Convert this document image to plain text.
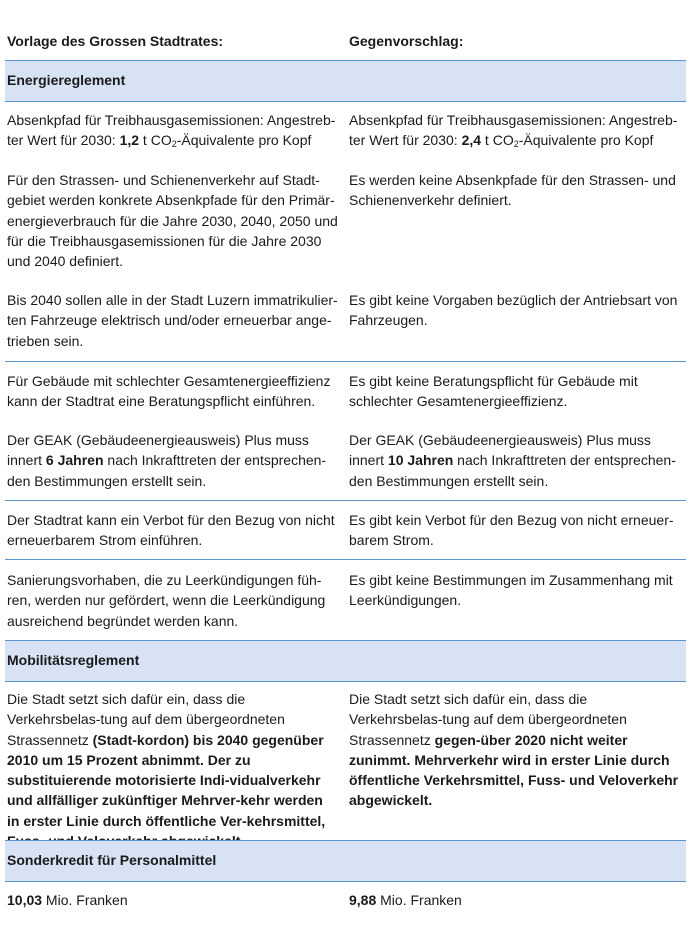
Vorlage des Grossen Stadtrates:	Gegenvorschlag:
Energiereglement
Absenkpfad für Treibhausgasemissionen: Angestreb-ter Wert für 2030: 1,2 t $CO_2$-Äquivalente pro Kopf
Absenkpfad für Treibhausgasemissionen: Angestreb-ter Wert für 2030: 2,4 t $CO_2$-Äquivalente pro Kopf
Für den Strassen- und Schienenverkehr auf Stadt-gebiet werden konkrete Absenkpfade für den Primär-energieverbrauch für die Jahre 2030, 2040, 2050 und für die Treibhausgasemissionen für die Jahre 2030 und 2040 definiert.
Es werden keine Absenkpfade für den Strassen- und Schienenverkehr definiert.
Bis 2040 sollen alle in der Stadt Luzern immatrikulier-ten Fahrzeuge elektrisch und/oder erneuerbar ange-trieben sein.
Es gibt keine Vorgaben bezüglich der Antriebsart von Fahrzeugen.
Für Gebäude mit schlechter Gesamtenergieeffizienz kann der Stadtrat eine Beratungspflicht einführen.
Es gibt keine Beratungspflicht für Gebäude mit schlechter Gesamtenergieeffizienz.
Der GEAK (Gebäudeenergieausweis) Plus muss innert 6 Jahren nach Inkrafttreten der entsprechen-den Bestimmungen erstellt sein.
Der GEAK (Gebäudeenergieausweis) Plus muss innert 10 Jahren nach Inkrafttreten der entsprechen-den Bestimmungen erstellt sein.
Der Stadtrat kann ein Verbot für den Bezug von nicht erneuerbarem Strom einführen.
Es gibt kein Verbot für den Bezug von nicht erneuer-barem Strom.
Sanierungsvorhaben, die zu Leerkündigungen füh-ren, werden nur gefördert, wenn die Leerkündigung ausreichend begründet werden kann.
Es gibt keine Bestimmungen im Zusammenhang mit Leerkündigungen.
Mobilitätsreglement
Die Stadt setzt sich dafür ein, dass die Verkehrsbelas-tung auf dem übergeordneten Strassennetz (Stadt-kordon) bis 2040 gegenüber 2010 um 15 Prozent abnimmt. Der zu substituierende motorisierte Indi-vidualverkehr und allfälliger zukünftiger Mehrver-kehr werden in erster Linie durch öffentliche Ver-kehrsmittel,
Die Stadt setzt sich dafür ein, dass die Verkehrsbelas-tung auf dem übergeordneten Strassennetz gegen-über 2020 nicht weiter zunimmt. Mehrverkehr wird in erster Linie durch öffentliche Verkehrsmittel, Fuss- und Veloverkehr abgewickelt.
Sonderkredit für Personalmittel
10,03 Mio. Franken	9,88 Mio. Franken
